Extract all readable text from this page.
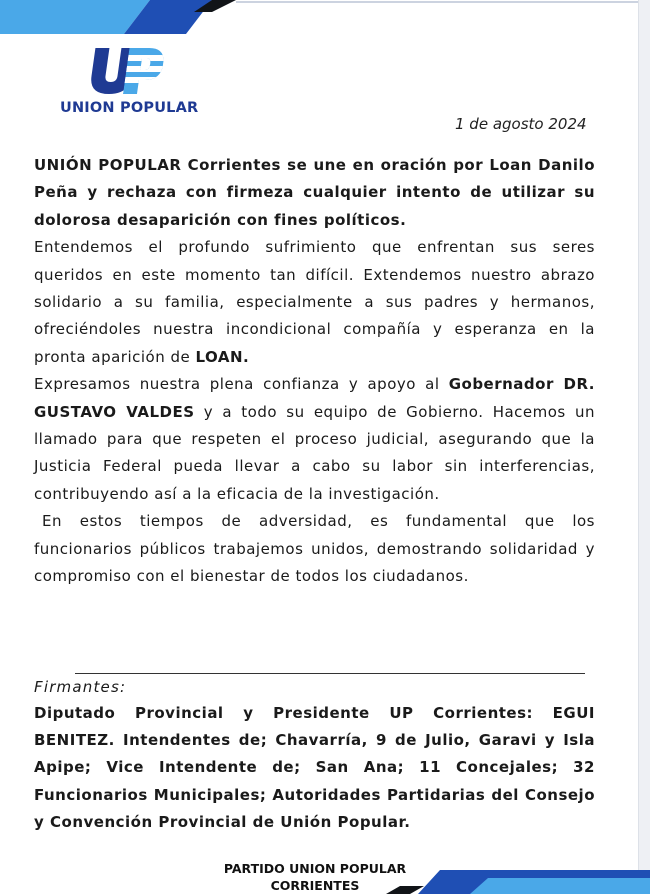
UNION POPULAR
1 de agosto 2024

UNIÓN POPULAR Corrientes se une en oración por Loan Danilo Peña y rechaza con firmeza cualquier intento de utilizar su dolorosa desaparición con fines políticos.

Entendemos el profundo sufrimiento que enfrentan sus seres queridos en este momento tan difícil. Extendemos nuestro abrazo solidario a su familia, especialmente a sus padres y hermanos, ofreciéndoles nuestra incondicional compañía y esperanza en la pronta aparición de LOAN.

Expresamos nuestra plena confianza y apoyo al Gobernador DR. GUSTAVO VALDES y a todo su equipo de Gobierno. Hacemos un llamado para que respeten el proceso judicial, asegurando que la Justicia Federal pueda llevar a cabo su labor sin interferencias, contribuyendo así a la eficacia de la investigación.

En estos tiempos de adversidad, es fundamental que los funcionarios públicos trabajemos unidos, demostrando solidaridad y compromiso con el bienestar de todos los ciudadanos.

Firmantes:

Diputado Provincial y Presidente UP Corrientes: EGUI BENITEZ. Intendentes de; Chavarría, 9 de Julio, Garavi y Isla Apipe; Vice Intendente de; San Ana; 11 Concejales; 32 Funcionarios Municipales; Autoridades Partidarias del Consejo y Convención Provincial de Unión Popular.

PARTIDO UNION POPULAR
CORRIENTES
